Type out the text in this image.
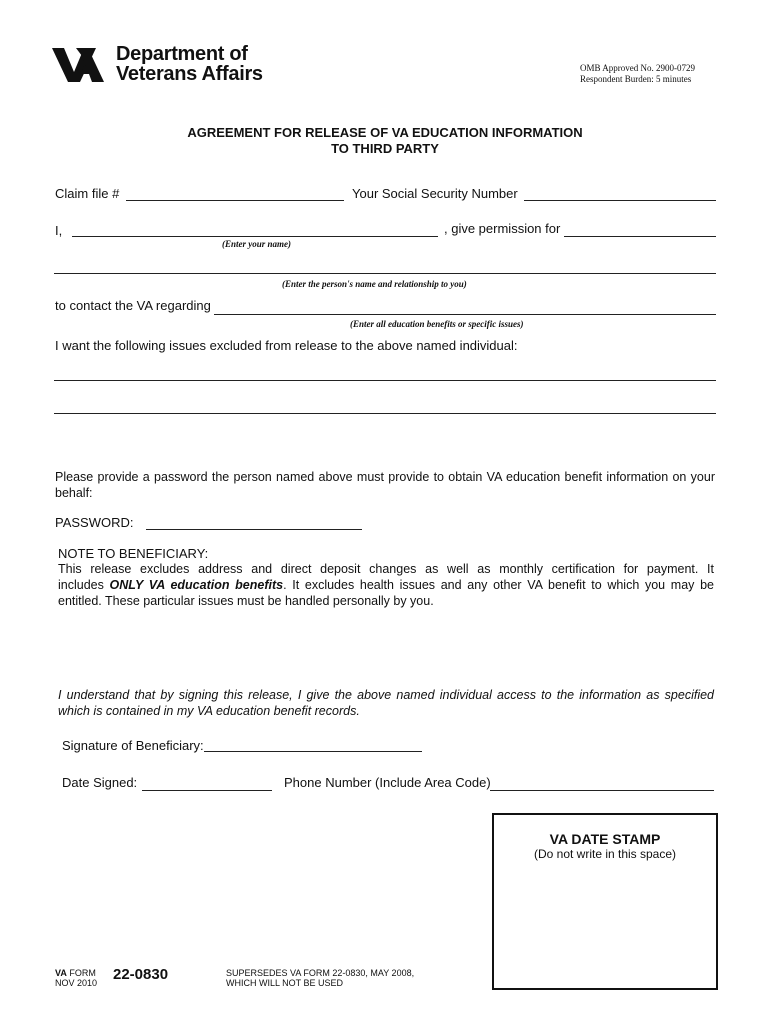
Department of
Veterans Affairs	OMB Approved No. 2900-0729
Respondent Burden: 5 minutes
AGREEMENT FOR RELEASE OF VA EDUCATION INFORMATION
TO THIRD PARTY
Claim file #	Your Social Security Number
I,	, give permission for
(Enter your name)
(Enter the person's name and relationship to you)
to contact the VA regarding
(Enter all education benefits or specific issues)
I want the following issues excluded from release to the above named individual:
Please provide a password the person named above must provide to obtain VA education benefit information on your behalf:
PASSWORD:
NOTE TO BENEFICIARY:
This release excludes address and direct deposit changes as well as monthly certification for payment. It
includes ONLY VA education benefits. It excludes health issues and any other VA benefit to which you may be
entitled. These particular issues must be handled personally by you.
I understand that by signing this release, I give the above named individual access to the information as specified which is contained in my VA education benefit records.
Signature of Beneficiary:
Date Signed:	Phone Number (Include Area Code)
VA DATE STAMP
(Do not write in this space)
VA FORM
NOV 2010 22-0830	SUPERSEDES VA FORM 22-0830, MAY 2008,
WHICH WILL NOT BE USED
